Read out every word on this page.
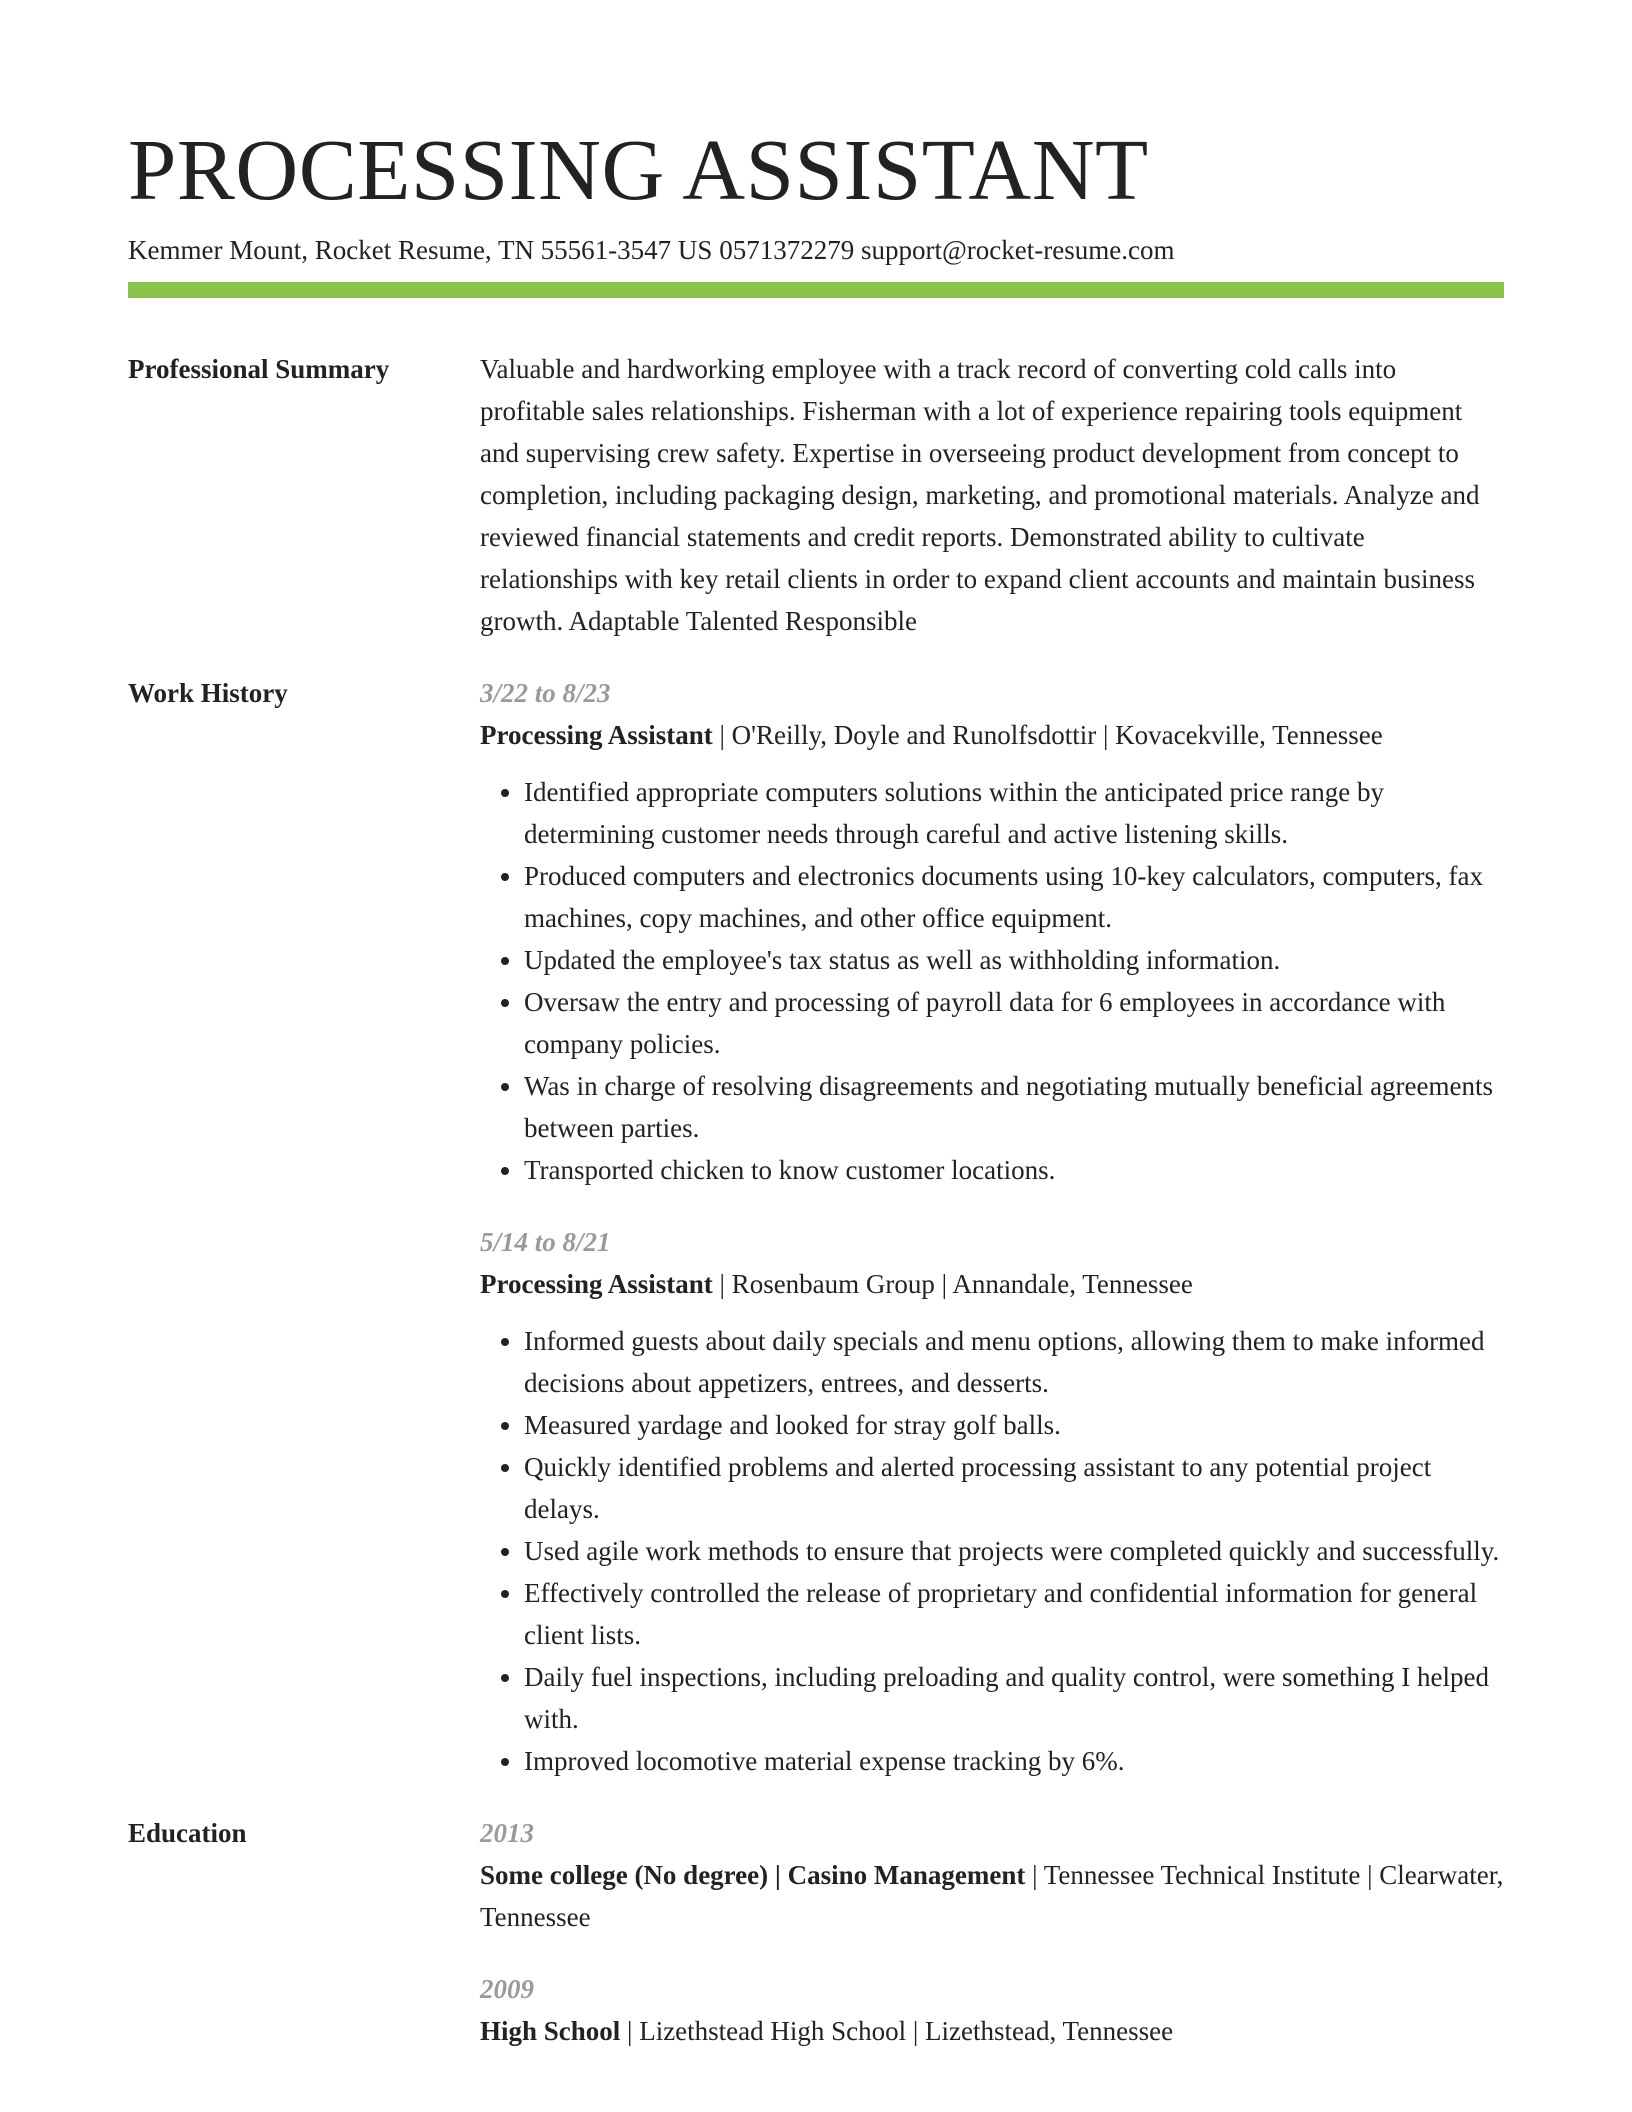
PROCESSING ASSISTANT
Kemmer Mount, Rocket Resume, TN 55561-3547 US 0571372279 support@rocket-resume.com
Professional Summary	Valuable and hardworking employee with a track record of converting cold calls into profitable sales relationships. Fisherman with a lot of experience repairing tools equipment and supervising crew safety. Expertise in overseeing product development from concept to completion, including packaging design, marketing, and promotional materials. Analyze and reviewed financial statements and credit reports. Demonstrated ability to cultivate relationships with key retail clients in order to expand client accounts and maintain business growth. Adaptable Talented Responsible
Work History	3/22 to 8/23
Processing Assistant | O'Reilly, Doyle and Runolfsdottir | Kovacekville, Tennessee
• Identified appropriate computers solutions within the anticipated price range by determining customer needs through careful and active listening skills.
• Produced computers and electronics documents using 10-key calculators, computers, fax machines, copy machines, and other office equipment.
• Updated the employee's tax status as well as withholding information.
• Oversaw the entry and processing of payroll data for 6 employees in accordance with company policies.
• Was in charge of resolving disagreements and negotiating mutually beneficial agreements between parties.
• Transported chicken to know customer locations.
5/14 to 8/21
Processing Assistant | Rosenbaum Group | Annandale, Tennessee
• Informed guests about daily specials and menu options, allowing them to make informed decisions about appetizers, entrees, and desserts.
• Measured yardage and looked for stray golf balls.
• Quickly identified problems and alerted processing assistant to any potential project delays.
• Used agile work methods to ensure that projects were completed quickly and successfully.
• Effectively controlled the release of proprietary and confidential information for general client lists.
• Daily fuel inspections, including preloading and quality control, were something I helped with.
• Improved locomotive material expense tracking by 6%.
Education	2013
Some college (No degree) | Casino Management | Tennessee Technical Institute | Clearwater, Tennessee
2009
High School | Lizethstead High School | Lizethstead, Tennessee
